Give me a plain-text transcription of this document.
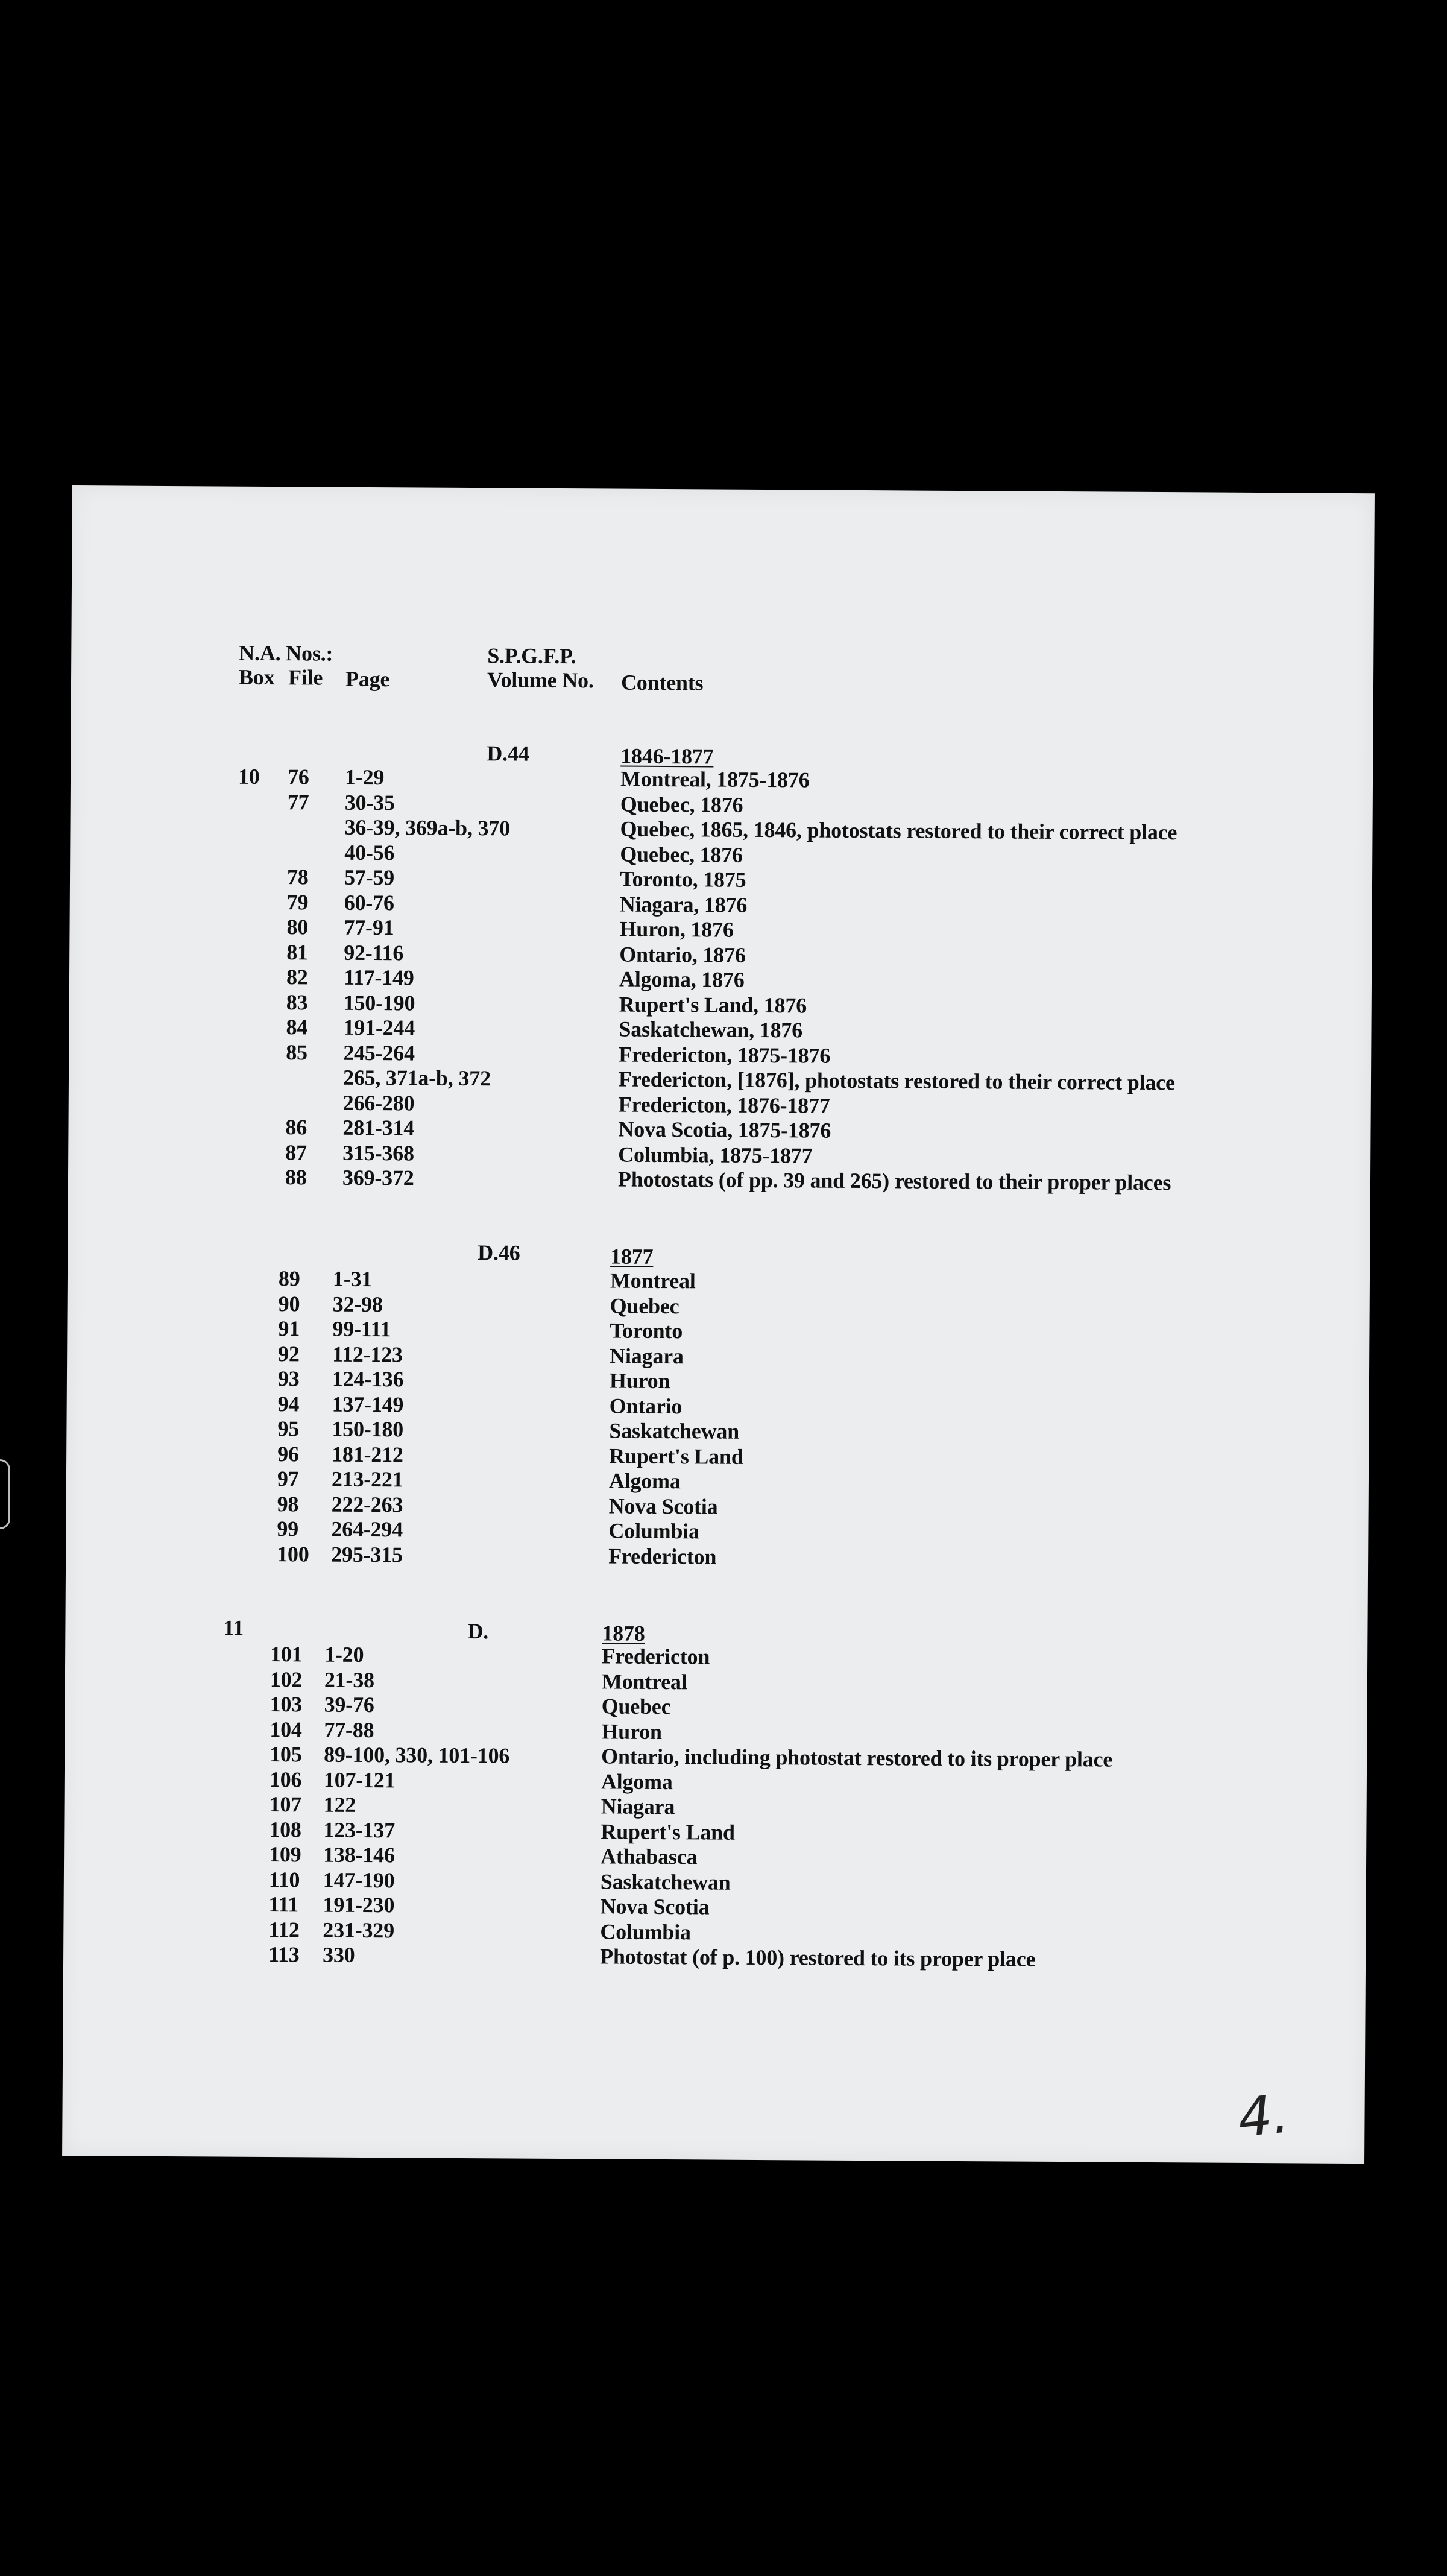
N.A. Nos.:
Box File Page
S.P.G.F.P.
Volume No. Contents
D.44	1846-1877
10 76 1-29	Montreal, 1875-1876
77 30-35	Quebec, 1876
36-39, 369a-b, 370	Quebec, 1865, 1846, photostats restored to their correct place
40-56	Quebec, 1876
78 57-59	Toronto, 1875
79 60-76	Niagara, 1876
80 77-91	Huron, 1876
81 92-116	Ontario, 1876
82 117-149	Algoma, 1876
83 150-190	Rupert's Land, 1876
84 191-244	Saskatchewan, 1876
85 245-264	Fredericton, 1875-1876
265, 371a-b, 372	Fredericton, [1876], photostats restored to their correct place
266-280	Fredericton, 1876-1877
86 281-314	Nova Scotia, 1875-1876
87 315-368	Columbia, 1875-1877
88 369-372	Photostats (of pp. 39 and 265) restored to their proper places
D.46	1877
89 1-31	Montreal
90 32-98	Quebec
91 99-111	Toronto
92 112-123	Niagara
93 124-136	Huron
94 137-149	Ontario
95 150-180	Saskatchewan
96 181-212	Rupert's Land
97 213-221	Algoma
98 222-263	Nova Scotia
99 264-294	Columbia
100 295-315	Fredericton
11	D.	1878
101 1-20	Fredericton
102 21-38	Montreal
103 39-76	Quebec
104 77-88	Huron
105 89-100, 330, 101-106	Ontario, including photostat restored to its proper place
106 107-121	Algoma
107 122	Niagara
108 123-137	Rupert's Land
109 138-146	Athabasca
110 147-190	Saskatchewan
111 191-230	Nova Scotia
112 231-329	Columbia
113 330	Photostat (of p. 100) restored to its proper place
4.
